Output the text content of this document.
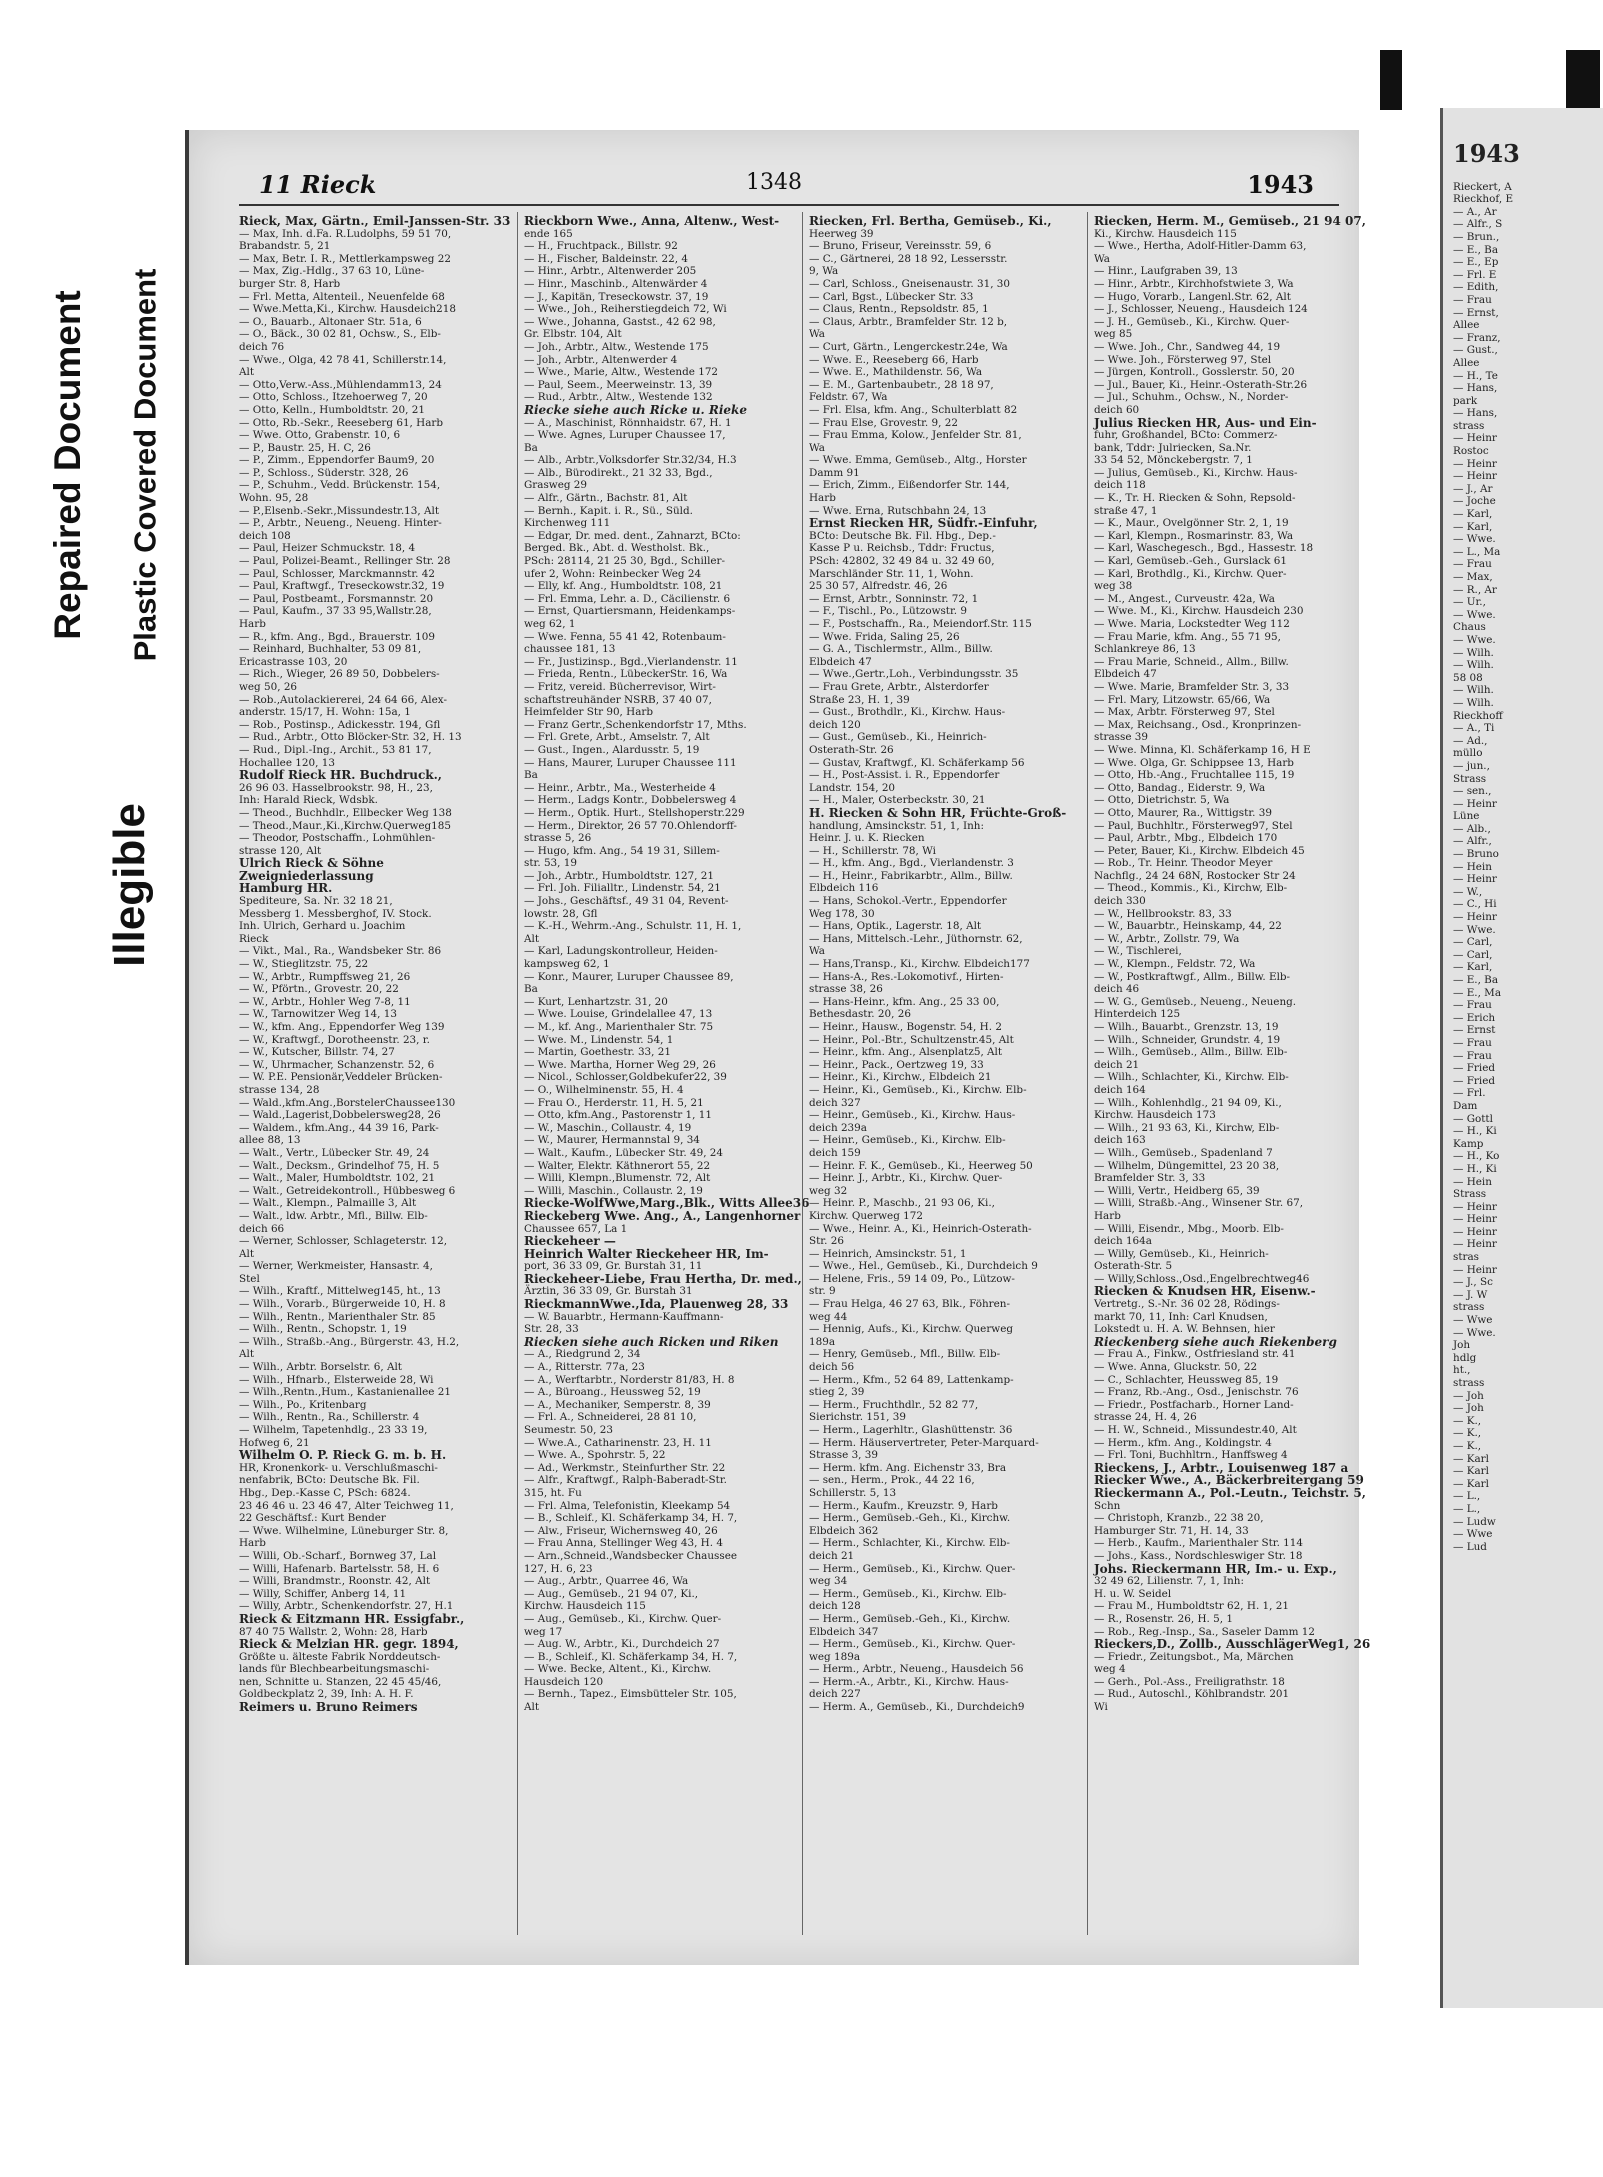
Illegible
Repaired Document Plastic Covered Document
11 Rieck	1348	1943
Rieck, Max, Gärtn., Emil-Janssen-Str. 33
— Max, Inh. d.Fa. R.Ludolphs, 59 51 70,
Brabandstr. 5, 21
— Max, Betr. I. R., Mettlerkampsweg 22
— Max, Zig.-Hdlg., 37 63 10, Lüne-
burger Str. 8, Harb
— Frl. Metta, Altenteil., Neuenfelde 68
— Wwe.Metta,Ki., Kirchw. Hausdeich218
— O., Bauarb., Altonaer Str. 51a, 6
— O., Bäck., 30 02 81, Ochsw., S., Elb-
deich 76
— Wwe., Olga, 42 78 41, Schillerstr.14,
Alt
— Otto,Verw.-Ass.,Mühlendamm13, 24
— Otto, Schloss., Itzehoerweg 7, 20
— Otto, Kelln., Humboldtstr. 20, 21
— Otto, Rb.-Sekr., Reeseberg 61, Harb
— Wwe. Otto, Grabenstr. 10, 6
— P., Baustr. 25, H. C, 26
— P., Zimm., Eppendorfer Baum9, 20
— P., Schloss., Süderstr. 328, 26
— P., Schuhm., Vedd. Brückenstr. 154,
Wohn. 95, 28
— P.,Elsenb.-Sekr.,Missundestr.13, Alt
— P., Arbtr., Neueng., Neueng. Hinter-
deich 108
— Paul, Heizer Schmuckstr. 18, 4
— Paul, Polizei-Beamt., Rellinger Str. 28
— Paul, Schlosser, Marckmannstr. 42
— Paul, Kraftwgf., Treseckowstr.32, 19
— Paul, Postbeamt., Forsmannstr. 20
— Paul, Kaufm., 37 33 95,Wallstr.28,
Harb
— R., kfm. Ang., Bgd., Brauerstr. 109
— Reinhard, Buchhalter, 53 09 81,
Ericastrasse 103, 20
— Rich., Wieger, 26 89 50, Dobbelers-
weg 50, 26
— Rob.,Autolackiererei, 24 64 66, Alex-
anderstr. 15/17, H. Wohn: 15a, 1
— Rob., Postinsp., Adickesstr. 194, Gfl
— Rud., Arbtr., Otto Blöcker-Str. 32, H. 13
— Rud., Dipl.-Ing., Archit., 53 81 17,
Hochallee 120, 13
Rudolf Rieck HR. Buchdruck.,
26 96 03. Hasselbrookstr. 98, H., 23,
Inh: Harald Rieck, Wdsbk.
— Theod., Buchhdlr., Ellbecker Weg 138
— Theod.,Maur.,Ki.,Kirchw.Querweg185
— Theodor, Postschaffn., Lohmühlen-
strasse 120, Alt
Ulrich Rieck & Söhne
Zweigniederlassung
Hamburg HR.
Spediteure, Sa. Nr. 32 18 21,
Messberg 1. Messberghof, IV. Stock.
Inh. Ulrich, Gerhard u. Joachim
Rieck
— Vikt., Mal., Ra., Wandsbeker Str. 86
— W., Stieglitzstr. 75, 22
— W., Arbtr., Rumpffsweg 21, 26
— W., Pförtn., Grovestr. 20, 22
— W., Arbtr., Hohler Weg 7-8, 11
— W., Tarnowitzer Weg 14, 13
— W., kfm. Ang., Eppendorfer Weg 139
— W., Kraftwgf., Dorotheenstr. 23, r.
— W., Kutscher, Billstr. 74, 27
— W., Uhrmacher, Schanzenstr. 52, 6
— W. P.E. Pensionär,Veddeler Brücken-
strasse 134, 28
— Wald.,kfm.Ang.,BorstelerChaussee130
— Wald.,Lagerist,Dobbelersweg28, 26
— Waldem., kfm.Ang., 44 39 16, Park-
allee 88, 13
— Walt., Vertr., Lübecker Str. 49, 24
— Walt., Decksm., Grindelhof 75, H. 5
— Walt., Maler, Humboldtstr. 102, 21
— Walt., Getreidekontroll., Hübbesweg 6
— Walt., Klempn., Palmaille 3, Alt
— Walt., ldw. Arbtr., Mfl., Billw. Elb-
deich 66
— Werner, Schlosser, Schlageterstr. 12,
Alt
— Werner, Werkmeister, Hansastr. 4,
Stel
— Wilh., Kraftf., Mittelweg145, ht., 13
— Wilh., Vorarb., Bürgerweide 10, H. 8
— Wilh., Rentn., Marienthaler Str. 85
— Wilh., Rentn., Schopstr. 1, 19
— Wilh., Straßb.-Ang., Bürgerstr. 43, H.2,
Alt
— Wilh., Arbtr. Borselstr. 6, Alt
— Wilh., Hfnarb., Elsterweide 28, Wi
— Wilh.,Rentn.,Hum., Kastanienallee 21
— Wilh., Po., Kritenbarg
— Wilh., Rentn., Ra., Schillerstr. 4
— Wilhelm, Tapetenhdlg., 23 33 19,
Hofweg 6, 21
Wilhelm O. P. Rieck G. m. b. H.
HR, Kronenkork- u. Verschlußmaschi-
nenfabrik, BCto: Deutsche Bk. Fil.
Hbg., Dep.-Kasse C, PSch: 6824.
23 46 46 u. 23 46 47, Alter Teichweg 11,
22 Geschäftsf.: Kurt Bender
— Wwe. Wilhelmine, Lüneburger Str. 8,
Harb
— Willi, Ob.-Scharf., Bornweg 37, Lal
— Willi, Hafenarb. Bartelsstr. 58, H. 6
— Willi, Brandmstr., Roonstr. 42, Alt
— Willy, Schiffer, Anberg 14, 11
— Willy, Arbtr., Schenkendorfstr. 27, H.1
Rieck & Eitzmann HR. Essigfabr.,
87 40 75 Wallstr. 2, Wohn: 28, Harb
Rieck & Melzian HR. gegr. 1894,
Größte u. älteste Fabrik Norddeutsch-
lands für Blechbearbeitungsmaschi-
nen, Schnitte u. Stanzen, 22 45 45/46,
Goldbeckplatz 2, 39, Inh: A. H. F.
Reimers u. Bruno Reimers
Rieckborn Wwe., Anna, Altenw., West-
ende 165
— H., Fruchtpack., Billstr. 92
— H., Fischer, Baldeinstr. 22, 4
— Hinr., Arbtr., Altenwerder 205
— Hinr., Maschinb., Altenwärder 4
— J., Kapitän, Treseckowstr. 37, 19
— Wwe., Joh., Reiherstiegdeich 72, Wi
— Wwe., Johanna, Gastst., 42 62 98,
Gr. Elbstr. 104, Alt
— Joh., Arbtr., Altw., Westende 175
— Joh., Arbtr., Altenwerder 4
— Wwe., Marie, Altw., Westende 172
— Paul, Seem., Meerweinstr. 13, 39
— Rud., Arbtr., Altw., Westende 132
Riecke siehe auch Ricke u. Rieke
— A., Maschinist, Rönnhaidstr. 67, H. 1
— Wwe. Agnes, Luruper Chaussee 17,
Ba
— Alb., Arbtr.,Volksdorfer Str.32/34, H.3
— Alb., Bürodirekt., 21 32 33, Bgd.,
Grasweg 29
— Alfr., Gärtn., Bachstr. 81, Alt
— Bernh., Kapit. i. R., Sü., Süld.
Kirchenweg 111
— Edgar, Dr. med. dent., Zahnarzt, BCto:
Berged. Bk., Abt. d. Westholst. Bk.,
PSch: 28114, 21 25 30, Bgd., Schiller-
ufer 2, Wohn: Reinbecker Weg 24
— Elly, kf. Ang., Humboldtstr. 108, 21
— Frl. Emma, Lehr. a. D., Cäcilienstr. 6
— Ernst, Quartiersmann, Heidenkamps-
weg 62, 1
— Wwe. Fenna, 55 41 42, Rotenbaum-
chaussee 181, 13
— Fr., Justizinsp., Bgd.,Vierlandenstr. 11
— Frieda, Rentn., LübeckerStr. 16, Wa
— Fritz, vereid. Bücherrevisor, Wirt-
schaftstreuhänder NSRB, 37 40 07,
Heimfelder Str 90, Harb
— Franz Gertr.,Schenkendorfstr 17, Mths.
— Frl. Grete, Arbt., Amselstr. 7, Alt
— Gust., Ingen., Alardusstr. 5, 19
— Hans, Maurer, Luruper Chaussee 111
Ba
— Heinr., Arbtr., Ma., Westerheide 4
— Herm., Ladgs Kontr., Dobbelersweg 4
— Herm., Optik. Hurt., Stellshoperstr.229
— Herm., Direktor, 26 57 70.Ohlendorff-
strasse 5, 26
— Hugo, kfm. Ang., 54 19 31, Sillem-
str. 53, 19
— Joh., Arbtr., Humboldtstr. 127, 21
— Frl. Joh. Filialltr., Lindenstr. 54, 21
— Johs., Geschäftsf., 49 31 04, Revent-
lowstr. 28, Gfl
— K.-H., Wehrm.-Ang., Schulstr. 11, H. 1,
Alt
— Karl, Ladungskontrolleur, Heiden-
kampsweg 62, 1
— Konr., Maurer, Luruper Chaussee 89,
Ba
— Kurt, Lenhartzstr. 31, 20
— Wwe. Louise, Grindelallee 47, 13
— M., kf. Ang., Marienthaler Str. 75
— Wwe. M., Lindenstr. 54, 1
— Martin, Goethestr. 33, 21
— Wwe. Martha, Horner Weg 29, 26
— Nicol., Schlosser,Goldbekufer22, 39
— O., Wilhelminenstr. 55, H. 4
— Frau O., Herderstr. 11, H. 5, 21
— Otto, kfm.Ang., Pastorenstr 1, 11
— W., Maschin., Collaustr. 4, 19
— W., Maurer, Hermannstal 9, 34
— Walt., Kaufm., Lübecker Str. 49, 24
— Walter, Elektr. Käthnerort 55, 22
— Willi, Klempn.,Blumenstr. 72, Alt
— Willi, Maschin., Collaustr. 2, 19
Riecke-WolfWwe,Marg.,Blk., Witts Allee36
Rieckeberg Wwe. Ang., A., Langenhorner
Chaussee 657, La 1
Rieckeheer —
Heinrich Walter Rieckeheer HR, Im-
port, 36 33 09, Gr. Burstah 31, 11
Rieckeheer-Liebe, Frau Hertha, Dr. med.,
Ärztin, 36 33 09, Gr. Burstah 31
RieckmannWwe.,Ida, Plauenweg 28, 33
— W. Bauarbtr., Hermann-Kauffmann-
Str. 28, 33
Riecken siehe auch Ricken und Riken
— A., Riedgrund 2, 34
— A., Ritterstr. 77a, 23
— A., Werftarbtr., Norderstr 81/83, H. 8
— A., Büroang., Heussweg 52, 19
— A., Mechaniker, Semperstr. 8, 39
— Frl. A., Schneiderei, 28 81 10,
Seumestr. 50, 23
— Wwe.A., Catharinenstr. 23, H. 11
— Wwe. A., Spohrstr. 5, 22
— Ad., Werkmstr., Steinfurther Str. 22
— Alfr., Kraftwgf., Ralph-Baberadt-Str.
315, ht. Fu
— Frl. Alma, Telefonistin, Kleekamp 54
— B., Schleif., Kl. Schäferkamp 34, H. 7,
— Alw., Friseur, Wichernsweg 40, 26
— Frau Anna, Stellinger Weg 43, H. 4
— Arn.,Schneid.,Wandsbecker Chaussee
127, H. 6, 23
— Aug., Arbtr., Quarree 46, Wa
— Aug., Gemüseb., 21 94 07, Ki.,
Kirchw. Hausdeich 115
— Aug., Gemüseb., Ki., Kirchw. Quer-
weg 17
— Aug. W., Arbtr., Ki., Durchdeich 27
— B., Schleif., Kl. Schäferkamp 34, H. 7,
— Wwe. Becke, Altent., Ki., Kirchw.
Hausdeich 120
— Bernh., Tapez., Eimsbütteler Str. 105,
Alt
Riecken, Frl. Bertha, Gemüseb., Ki.,
Heerweg 39
— Bruno, Friseur, Vereinsstr. 59, 6
— C., Gärtnerei, 28 18 92, Lessersstr.
9, Wa
— Carl, Schloss., Gneisenaustr. 31, 30
— Carl, Bgst., Lübecker Str. 33
— Claus, Rentn., Repsoldstr. 85, 1
— Claus, Arbtr., Bramfelder Str. 12 b,
Wa
— Curt, Gärtn., Lengerckestr.24e, Wa
— Wwe. E., Reeseberg 66, Harb
— Wwe. E., Mathildenstr. 56, Wa
— E. M., Gartenbaubetr., 28 18 97,
Feldstr. 67, Wa
— Frl. Elsa, kfm. Ang., Schulterblatt 82
— Frau Else, Grovestr. 9, 22
— Frau Emma, Kolow., Jenfelder Str. 81,
Wa
— Wwe. Emma, Gemüseb., Altg., Horster
Damm 91
— Erich, Zimm., Eißendorfer Str. 144,
Harb
— Wwe. Erna, Rutschbahn 24, 13
Ernst Riecken HR, Südfr.-Einfuhr,
BCto: Deutsche Bk. Fil. Hbg., Dep.-
Kasse P u. Reichsb., Tddr: Fructus,
PSch: 42802, 32 49 84 u. 32 49 60,
Marschländer Str. 11, 1, Wohn.
25 30 57, Alfredstr. 46, 26
— Ernst, Arbtr., Sonninstr. 72, 1
— F., Tischl., Po., Lützowstr. 9
— F., Postschaffn., Ra., Meiendorf.Str. 115
— Wwe. Frida, Saling 25, 26
— G. A., Tischlermstr., Allm., Billw.
Elbdeich 47
— Wwe.,Gertr.,Loh., Verbindungsstr. 35
— Frau Grete, Arbtr., Alsterdorfer
Straße 23, H. 1, 39
— Gust., Brothdlr., Ki., Kirchw. Haus-
deich 120
— Gust., Gemüseb., Ki., Heinrich-
Osterath-Str. 26
— Gustav, Kraftwgf., Kl. Schäferkamp 56
— H., Post-Assist. i. R., Eppendorfer
Landstr. 154, 20
— H., Maler, Osterbeckstr. 30, 21
H. Riecken & Sohn HR, Früchte-Groß-
handlung, Amsinckstr. 51, 1, Inh:
Heinr. J. u. K. Riecken
— H., Schillerstr. 78, Wi
— H., kfm. Ang., Bgd., Vierlandenstr. 3
— H., Heinr., Fabrikarbtr., Allm., Billw.
Elbdeich 116
— Hans, Schokol.-Vertr., Eppendorfer
Weg 178, 30
— Hans, Optik., Lagerstr. 18, Alt
— Hans, Mittelsch.-Lehr., Jüthornstr. 62,
Wa
— Hans,Transp., Ki., Kirchw. Elbdeich177
— Hans-A., Res.-Lokomotivf., Hirten-
strasse 38, 26
— Hans-Heinr., kfm. Ang., 25 33 00,
Bethesdastr. 20, 26
— Heinr., Hausw., Bogenstr. 54, H. 2
— Heinr., Pol.-Btr., Schultzenstr.45, Alt
— Heinr., kfm. Ang., Alsenplatz5, Alt
— Heinr., Pack., Oertzweg 19, 33
— Heinr., Ki., Kirchw., Elbdeich 21
— Heinr., Ki., Gemüseb., Ki., Kirchw. Elb-
deich 327
— Heinr., Gemüseb., Ki., Kirchw. Haus-
deich 239a
— Heinr., Gemüseb., Ki., Kirchw. Elb-
deich 159
— Heinr. F. K., Gemüseb., Ki., Heerweg 50
— Heinr. J., Arbtr., Ki., Kirchw. Quer-
weg 32
— Heinr. P., Maschb., 21 93 06, Ki.,
Kirchw. Querweg 172
— Wwe., Heinr. A., Ki., Heinrich-Osterath-
Str. 26
— Heinrich, Amsinckstr. 51, 1
— Wwe., Hel., Gemüseb., Ki., Durchdeich 9
— Helene, Fris., 59 14 09, Po., Lützow-
str. 9
— Frau Helga, 46 27 63, Blk., Föhren-
weg 44
— Hennig, Aufs., Ki., Kirchw. Querweg
189a
— Henry, Gemüseb., Mfl., Billw. Elb-
deich 56
— Herm., Kfm., 52 64 89, Lattenkamp-
stieg 2, 39
— Herm., Fruchthdlr., 52 82 77,
Sierichstr. 151, 39
— Herm., Lagerhltr., Glashüttenstr. 36
— Herm. Häuservertreter, Peter-Marquard-
Strasse 3, 39
— Herm. kfm. Ang. Eichenstr 33, Bra
— sen., Herm., Prok., 44 22 16,
Schillerstr. 5, 13
— Herm., Kaufm., Kreuzstr. 9, Harb
— Herm., Gemüseb.-Geh., Ki., Kirchw.
Elbdeich 362
— Herm., Schlachter, Ki., Kirchw. Elb-
deich 21
— Herm., Gemüseb., Ki., Kirchw. Quer-
weg 34
— Herm., Gemüseb., Ki., Kirchw. Elb-
deich 128
— Herm., Gemüseb.-Geh., Ki., Kirchw.
Elbdeich 347
— Herm., Gemüseb., Ki., Kirchw. Quer-
weg 189a
— Herm., Arbtr., Neueng., Hausdeich 56
— Herm.-A., Arbtr., Ki., Kirchw. Haus-
deich 227
— Herm. A., Gemüseb., Ki., Durchdeich9
Riecken, Herm. M., Gemüseb., 21 94 07,
Ki., Kirchw. Hausdeich 115
— Wwe., Hertha, Adolf-Hitler-Damm 63,
Wa
— Hinr., Laufgraben 39, 13
— Hinr., Arbtr., Kirchhofstwiete 3, Wa
— Hugo, Vorarb., Langenl.Str. 62, Alt
— J., Schlosser, Neueng., Hausdeich 124
— J. H., Gemüseb., Ki., Kirchw. Quer-
weg 85
— Wwe. Joh., Chr., Sandweg 44, 19
— Wwe. Joh., Försterweg 97, Stel
— Jürgen, Kontroll., Gosslerstr. 50, 20
— Jul., Bauer, Ki., Heinr.-Osterath-Str.26
— Jul., Schuhm., Ochsw., N., Norder-
deich 60
Julius Riecken HR, Aus- und Ein-
fuhr, Großhandel, BCto: Commerz-
bank, Tddr: Julriecken, Sa.Nr.
33 54 52, Mönckebergstr. 7, 1
— Julius, Gemüseb., Ki., Kirchw. Haus-
deich 118
— K., Tr. H. Riecken & Sohn, Repsold-
straße 47, 1
— K., Maur., Ovelgönner Str. 2, 1, 19
— Karl, Klempn., Rosmarinstr. 83, Wa
— Karl, Waschegesch., Bgd., Hassestr. 18
— Karl, Gemüseb.-Geh., Gurslack 61
— Karl, Brothdlg., Ki., Kirchw. Quer-
weg 38
— M., Angest., Curveustr. 42a, Wa
— Wwe. M., Ki., Kirchw. Hausdeich 230
— Wwe. Maria, Lockstedter Weg 112
— Frau Marie, kfm. Ang., 55 71 95,
Schlankreye 86, 13
— Frau Marie, Schneid., Allm., Billw.
Elbdeich 47
— Wwe. Marie, Bramfelder Str. 3, 33
— Frl. Mary, Litzowstr. 65/66, Wa
— Max, Arbtr. Försterweg 97, Stel
— Max, Reichsang., Osd., Kronprinzen-
strasse 39
— Wwe. Minna, Kl. Schäferkamp 16, H E
— Wwe. Olga, Gr. Schippsee 13, Harb
— Otto, Hb.-Ang., Fruchtallee 115, 19
— Otto, Bandag., Eiderstr. 9, Wa
— Otto, Dietrichstr. 5, Wa
— Otto, Maurer, Ra., Wittigstr. 39
— Paul, Buchhltr., Försterweg97, Stel
— Paul, Arbtr., Mbg., Elbdeich 170
— Peter, Bauer, Ki., Kirchw. Elbdeich 45
— Rob., Tr. Heinr. Theodor Meyer
Nachflg., 24 24 68N, Rostocker Str 24
— Theod., Kommis., Ki., Kirchw, Elb-
deich 330
— W., Hellbrookstr. 83, 33
— W., Bauarbtr., Heinskamp, 44, 22
— W., Arbtr., Zollstr. 79, Wa
— W., Tischlerei,
— W., Klempn., Feldstr. 72, Wa
— W., Postkraftwgf., Allm., Billw. Elb-
deich 46
— W. G., Gemüseb., Neueng., Neueng.
Hinterdeich 125
— Wilh., Bauarbt., Grenzstr. 13, 19
— Wilh., Schneider, Grundstr. 4, 19
— Wilh., Gemüseb., Allm., Billw. Elb-
deich 21
— Wilh., Schlachter, Ki., Kirchw. Elb-
deich 164
— Wilh., Kohlenhdlg., 21 94 09, Ki.,
Kirchw. Hausdeich 173
— Wilh., 21 93 63, Ki., Kirchw, Elb-
deich 163
— Wilh., Gemüseb., Spadenland 7
— Wilhelm, Düngemittel, 23 20 38,
Bramfelder Str. 3, 33
— Willi, Vertr., Heidberg 65, 39
— Willi, Straßb.-Ang., Winsener Str. 67,
Harb
— Willi, Eisendr., Mbg., Moorb. Elb-
deich 164a
— Willy, Gemüseb., Ki., Heinrich-
Osterath-Str. 5
— Willy,Schloss.,Osd.,Engelbrechtweg46
Riecken & Knudsen HR, Eisenw.-
Vertretg., S.-Nr. 36 02 28, Rödings-
markt 70, 11, Inh: Carl Knudsen,
Lokstedt u. H. A. W. Behnsen, hier
Rieckenberg siehe auch Riekenberg
— Frau A., Finkw., Ostfriesland str. 41
— Wwe. Anna, Gluckstr. 50, 22
— C., Schlachter, Heussweg 85, 19
— Franz, Rb.-Ang., Osd., Jenischstr. 76
— Friedr., Postfacharb., Horner Land-
strasse 24, H. 4, 26
— H. W., Schneid., Missundestr.40, Alt
— Herm., kfm. Ang., Koldingstr. 4
— Frl. Toni, Buchhltrn., Hanffsweg 4
Rieckens, J., Arbtr., Louisenweg 187 a
Riecker Wwe., A., Bäckerbreitergang 59
Rieckermann A., Pol.-Leutn., Teichstr. 5,
Schn
— Christoph, Kranzb., 22 38 20,
Hamburger Str. 71, H. 14, 33
— Herb., Kaufm., Marienthaler Str. 114
— Johs., Kass., Nordschleswiger Str. 18
Johs. Rieckermann HR, Im.- u. Exp.,
32 49 62, Lilienstr. 7, 1, Inh:
H. u. W. Seidel
— Frau M., Humboldtstr 62, H. 1, 21
— R., Rosenstr. 26, H. 5, 1
— Rob., Reg.-Insp., Sa., Saseler Damm 12
Rieckers,D., Zollb., AusschlägerWeg1, 26
— Friedr., Zeitungsbot., Ma, Märchen
weg 4
— Gerh., Pol.-Ass., Freiligrathstr. 18
— Rud., Autoschl., Köhlbrandstr. 201
Wi
1943
Rieckert, A
Rieckhof, E
— A., Ar
— Alfr., S
— Brun.,
— E., Ba
— E., Ep
— Frl. E
— Edith,
— Frau
— Ernst,
Allee
— Franz,
— Gust.,
Allee
— H., Te
— Hans,
park
— Hans,
strass
— Heinr
Rostoc
— Heinr
— Heinr
— J., Ar
— Joche
— Karl,
— Karl,
— Wwe.
— L., Ma
— Frau
— Max,
— R., Ar
— Ur.,
— Wwe.
Chaus
— Wwe.
— Wilh.
— Wilh.
58 08
— Wilh.
— Wilh.
Rieckhoff
— A., Ti
— Ad.,
müllo
— jun.,
Strass
— sen.,
— Heinr
Lüne
— Alb.,
— Alfr.,
— Bruno
— Hein
— Heinr
— W.,
— C., Hi
— Heinr
— Wwe.
— Carl,
— Carl,
— Karl,
— E., Ba
— E., Ma
— Frau
— Erich
— Ernst
— Frau
— Frau
— Fried
— Fried
— Frl.
Dam
— Gottl
— H., Ki
Kamp
— H., Ko
— H., Ki
— Hein
Strass
— Heinr
— Heinr
— Heinr
— Heinr
stras
— Heinr
— J., Sc
— J. W
strass
— Wwe
— Wwe.
Joh
hdlg
ht.,
strass
— Joh
— Joh
— K.,
— K.,
— K.,
— Karl
— Karl
— Karl
— L.,
— L.,
— Ludw
— Wwe
— Lud
